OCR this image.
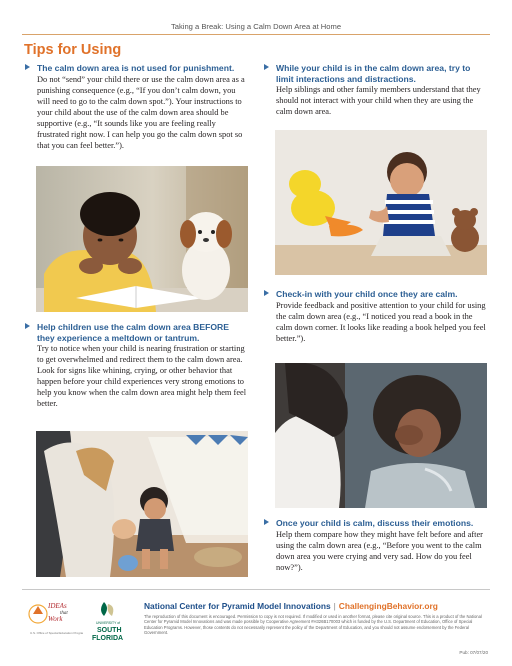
Taking a Break: Using a Calm Down Area at Home
Tips for Using
The calm down area is not used for punishment.
Do not “send” your child there or use the calm down area as a punishing consequence (e.g., “If you don’t calm down, you will need to go to the calm down spot.”). Your instructions to your child about the use of the calm down area should be supportive (e.g., “It sounds like you are feeling really frustrated right now. I can help you go the calm down spot so that you can feel better.”).
Help children use the calm down area BEFORE they experience a meltdown or tantrum.
Try to notice when your child is nearing frustration or starting to get overwhelmed and redirect them to the calm down area. Look for signs like whining, crying, or other behavior that happen before your child experiences very strong emotions to help you know when the calm down area might help them feel better.
While your child is in the calm down area, try to limit interactions and distractions.
Help siblings and other family members understand that they should not interact with your child when they are using the calm down area.
Check-in with your child once they are calm.
Provide feedback and positive attention to your child for using the calm down area (e.g., “I noticed you read a book in the calm down corner. It looks like reading a book helped you feel better.”).
Once your child is calm, discuss their emotions.
Help them compare how they might have felt before and after using the calm down area (e.g., “Before you went to the calm down area you were crying and very sad. How do you feel now?”).
IDEAs
that
Work
U.S. Office of Special Education Programs
UNIVERSITY of
SOUTH
FLORIDA
National Center for Pyramid Model Innovations | ChallengingBehavior.org
The reproduction of this document is encouraged. Permission to copy is not required. If modified or used in another format, please cite original source. This is a product of the National Center for Pyramid Model Innovations and was made possible by Cooperative Agreement #H326B170003 which is funded by the U.S. Department of Education, Office of Special Education Programs. However, those contents do not necessarily represent the policy of the Department of Education, and you should not assume endorsement by the Federal Government.
Pub: 07/07/20
